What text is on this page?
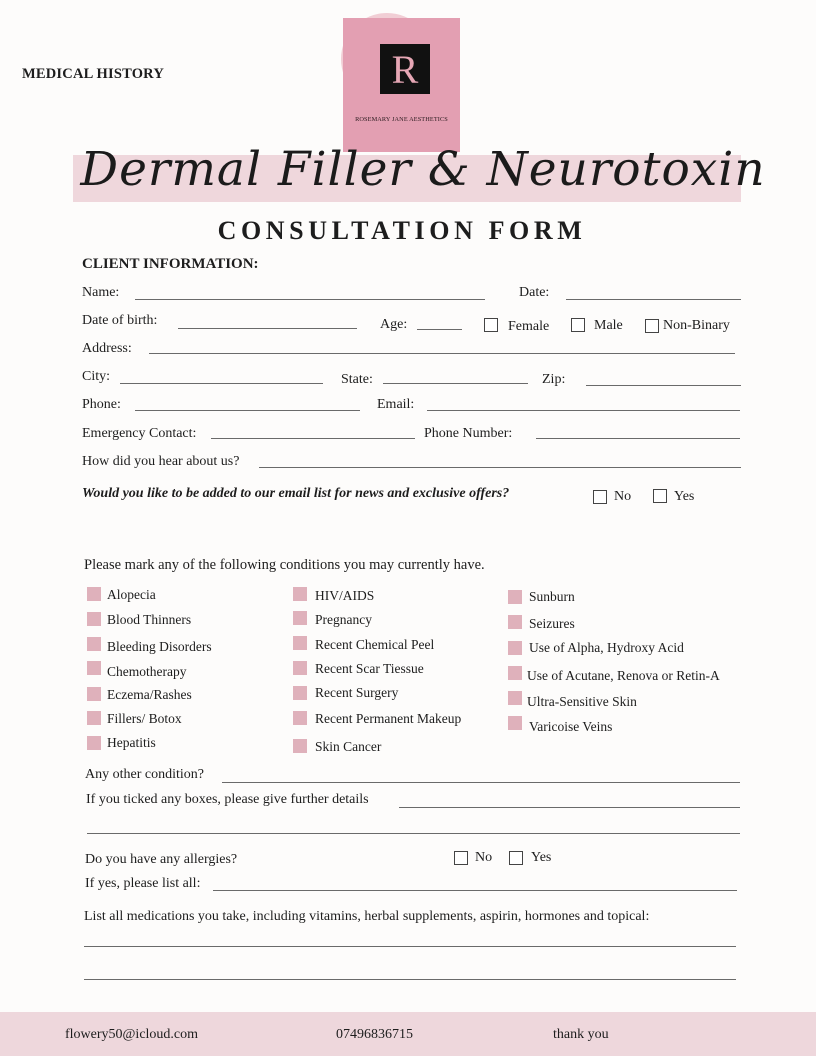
MEDICAL HISTORY	R
ROSEMARY JANE AESTHETICS
Dermal Filler & Neurotoxin
CONSULTATION FORM
CLIENT INFORMATION:
Name:	Date:
Date of birth:	Age:	Female	Male	Non-Binary
Address:
City:	State:	Zip:
Phone:	Email:
Emergency Contact:	Phone Number:
How did you hear about us?
Would you like to be added to our email list for news and exclusive offers?	No	Yes
Please mark any of the following conditions you may currently have.
Alopecia
Blood Thinners
Bleeding Disorders
Chemotherapy
Eczema/Rashes
Fillers/ Botox
Hepatitis
HIV/AIDS
Pregnancy
Recent Chemical Peel
Recent Scar Tiessue
Recent Surgery
Recent Permanent Makeup
Skin Cancer
Sunburn
Seizures
Use of Alpha, Hydroxy Acid
Use of Acutane, Renova or Retin-A
Ultra-Sensitive Skin
Varicoise Veins
Any other condition?
If you ticked any boxes, please give further details
Do you have any allergies?	No	Yes
If yes, please list all:
List all medications you take, including vitamins, herbal supplements, aspirin, hormones and topical:
flowery50@icloud.com	07496836715	thank you
